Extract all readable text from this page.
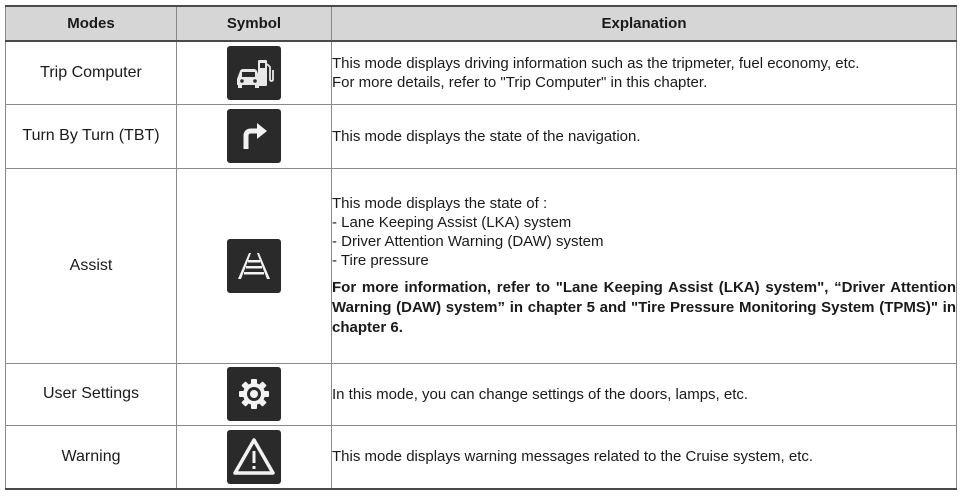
Modes	Symbol	Explanation
Trip Computer		This mode displays driving information such as the tripmeter, fuel economy, etc.
For more details, refer to "Trip Computer" in this chapter.

Turn By Turn (TBT)		This mode displays the state of the navigation.

Assist		This mode displays the state of :
- Lane Keeping Assist (LKA) system
- Driver Attention Warning (DAW) system
- Tire pressure
For more information, refer to "Lane Keeping Assist (LKA) system", “Driver Attention Warning (DAW) system” in chapter 5 and "Tire Pressure Monitoring System (TPMS)" in chapter 6.

User Settings		In this mode, you can change settings of the doors, lamps, etc.

Warning		This mode displays warning messages related to the Cruise system, etc.
